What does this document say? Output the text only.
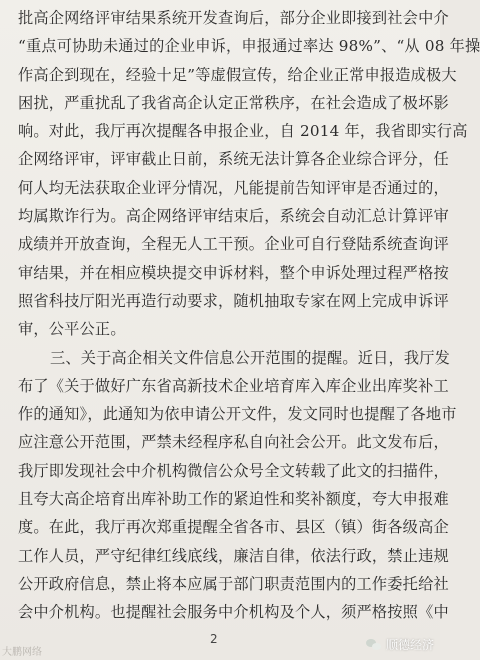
批高企网络评审结果系统开发查询后，部分企业即接到社会中介
“重点可协助未通过的企业申诉，申报通过率达 98%”、“从 08 年操
作高企到现在，经验十足”等虚假宣传，给企业正常申报造成极大
困扰，严重扰乱了我省高企认定正常秩序，在社会造成了极坏影
响。对此，我厅再次提醒各申报企业，自 2014 年，我省即实行高
企网络评审，评审截止日前，系统无法计算各企业综合评分，任
何人均无法获取企业评分情况，凡能提前告知评审是否通过的，
均属欺诈行为。高企网络评审结束后，系统会自动汇总计算评审
成绩并开放查询，全程无人工干预。企业可自行登陆系统查询评
审结果，并在相应模块提交申诉材料，整个申诉处理过程严格按
照省科技厅阳光再造行动要求，随机抽取专家在网上完成申诉评
审，公平公正。
三、关于高企相关文件信息公开范围的提醒。近日，我厅发
布了《关于做好广东省高新技术企业培育库入库企业出库奖补工
作的通知》，此通知为依申请公开文件，发文同时也提醒了各地市
应注意公开范围，严禁未经程序私自向社会公开。此文发布后，
我厅即发现社会中介机构微信公众号全文转载了此文的扫描件，
且夸大高企培育出库补助工作的紧迫性和奖补额度，夸大申报难
度。在此，我厅再次郑重提醒全省各市、县区（镇）街各级高企
工作人员，严守纪律红线底线，廉洁自律，依法行政，禁止违规
公开政府信息，禁止将本应属于部门职责范围内的工作委托给社
会中介机构。也提醒社会服务中介机构及个人，须严格按照《中
2
大鹏网络
顺德经济
